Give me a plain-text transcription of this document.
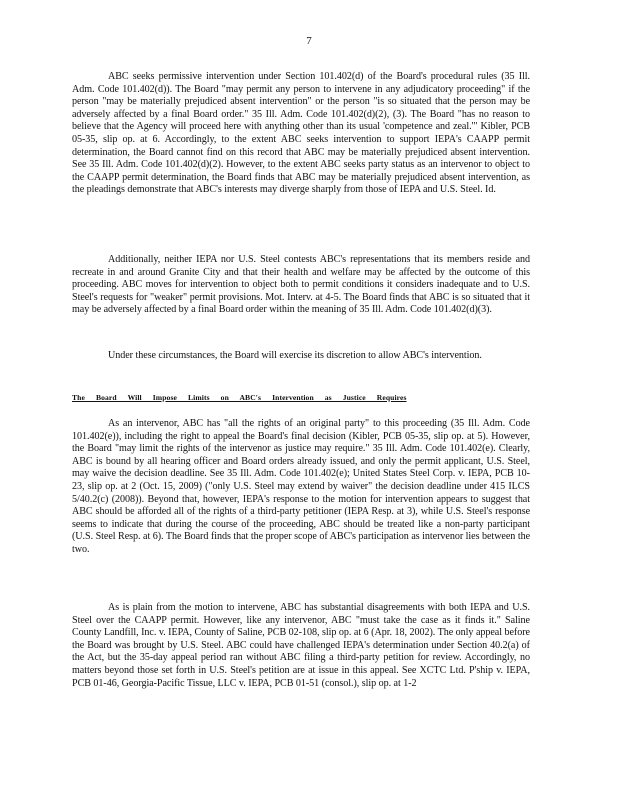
7

ABC seeks permissive intervention under Section 101.402(d) of the Board's procedural rules (35 Ill. Adm. Code 101.402(d)). The Board "may permit any person to intervene in any adjudicatory proceeding" if the person "may be materially prejudiced absent intervention" or the person "is so situated that the person may be adversely affected by a final Board order." 35 Ill. Adm. Code 101.402(d)(2), (3). The Board "has no reason to believe that the Agency will proceed here with anything other than its usual 'competence and zeal.'" Kibler, PCB 05-35, slip op. at 6. Accordingly, to the extent ABC seeks intervention to support IEPA's CAAPP permit determination, the Board cannot find on this record that ABC may be materially prejudiced absent intervention. See 35 Ill. Adm. Code 101.402(d)(2). However, to the extent ABC seeks party status as an intervenor to object to the CAAPP permit determination, the Board finds that ABC may be materially prejudiced absent intervention, as the pleadings demonstrate that ABC's interests may diverge sharply from those of IEPA and U.S. Steel. Id.

Additionally, neither IEPA nor U.S. Steel contests ABC's representations that its members reside and recreate in and around Granite City and that their health and welfare may be affected by the outcome of this proceeding. ABC moves for intervention to object both to permit conditions it considers inadequate and to U.S. Steel's requests for "weaker" permit provisions. Mot. Interv. at 4-5. The Board finds that ABC is so situated that it may be adversely affected by a final Board order within the meaning of 35 Ill. Adm. Code 101.402(d)(3).

Under these circumstances, the Board will exercise its discretion to allow ABC's intervention.

The Board Will Impose Limits on ABC's Intervention as Justice Requires

As an intervenor, ABC has "all the rights of an original party" to this proceeding (35 Ill. Adm. Code 101.402(e)), including the right to appeal the Board's final decision (Kibler, PCB 05-35, slip op. at 5). However, the Board "may limit the rights of the intervenor as justice may require." 35 Ill. Adm. Code 101.402(e). Clearly, ABC is bound by all hearing officer and Board orders already issued, and only the permit applicant, U.S. Steel, may waive the decision deadline. See 35 Ill. Adm. Code 101.402(e); United States Steel Corp. v. IEPA, PCB 10-23, slip op. at 2 (Oct. 15, 2009) ("only U.S. Steel may extend by waiver" the decision deadline under 415 ILCS 5/40.2(c) (2008)). Beyond that, however, IEPA's response to the motion for intervention appears to suggest that ABC should be afforded all of the rights of a third-party petitioner (IEPA Resp. at 3), while U.S. Steel's response seems to indicate that during the course of the proceeding, ABC should be treated like a non-party participant (U.S. Steel Resp. at 6). The Board finds that the proper scope of ABC's participation as intervenor lies between the two.

As is plain from the motion to intervene, ABC has substantial disagreements with both IEPA and U.S. Steel over the CAAPP permit. However, like any intervenor, ABC "must take the case as it finds it." Saline County Landfill, Inc. v. IEPA, County of Saline, PCB 02-108, slip op. at 6 (Apr. 18, 2002). The only appeal before the Board was brought by U.S. Steel. ABC could have challenged IEPA's determination under Section 40.2(a) of the Act, but the 35-day appeal period ran without ABC filing a third-party petition for review. Accordingly, no matters beyond those set forth in U.S. Steel's petition are at issue in this appeal. See XCTC Ltd. P'ship v. IEPA, PCB 01-46, Georgia-Pacific Tissue, LLC v. IEPA, PCB 01-51 (consol.), slip op. at 1-2
